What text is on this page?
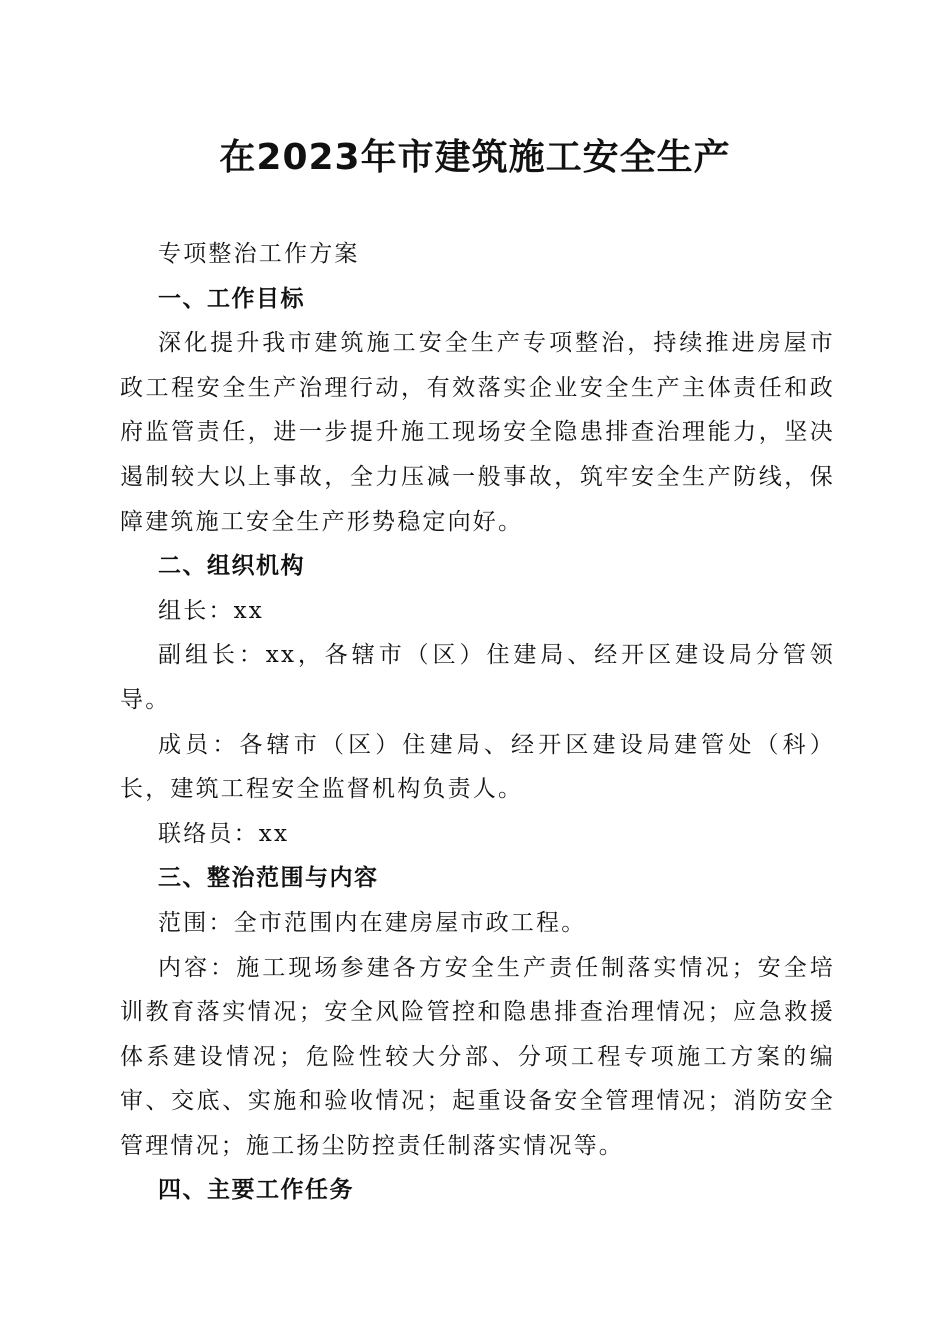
在2023年市建筑施工安全生产

专项整治工作方案

一、工作目标

深化提升我市建筑施工安全生产专项整治，持续推进房屋市政工程安全生产治理行动，有效落实企业安全生产主体责任和政府监管责任，进一步提升施工现场安全隐患排查治理能力，坚决遏制较大以上事故，全力压减一般事故，筑牢安全生产防线，保障建筑施工安全生产形势稳定向好。

二、组织机构

组长：xx

副组长：xx，各辖市（区）住建局、经开区建设局分管领导。

成员：各辖市（区）住建局、经开区建设局建管处（科）长，建筑工程安全监督机构负责人。

联络员：xx

三、整治范围与内容

范围：全市范围内在建房屋市政工程。

内容：施工现场参建各方安全生产责任制落实情况；安全培训教育落实情况；安全风险管控和隐患排查治理情况；应急救援体系建设情况；危险性较大分部、分项工程专项施工方案的编审、交底、实施和验收情况；起重设备安全管理情况；消防安全管理情况；施工扬尘防控责任制落实情况等。

四、主要工作任务
